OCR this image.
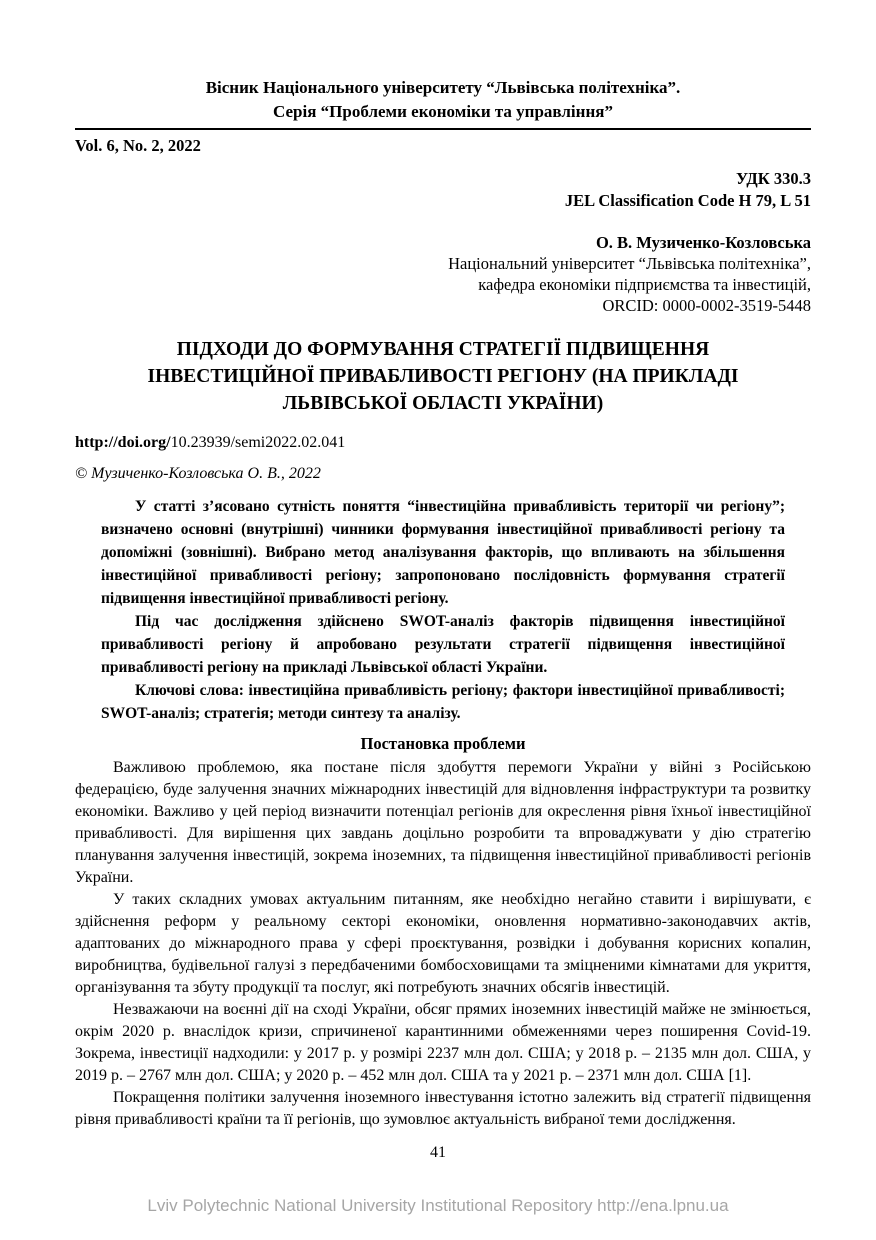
Вісник Національного університету “Львівська політехніка”.
Серія “Проблеми економіки та управління”
Vol. 6, No. 2, 2022
УДК 330.3
JEL Classification Code H 79, L 51
О. В. Музиченко-Козловська
Національний університет “Львівська політехніка”,
кафедра економіки підприємства та інвестицій,
ORCID: 0000-0002-3519-5448
ПІДХОДИ ДО ФОРМУВАННЯ СТРАТЕГІЇ ПІДВИЩЕННЯ
ІНВЕСТИЦІЙНОЇ ПРИВАБЛИВОСТІ РЕГІОНУ (НА ПРИКЛАДІ
ЛЬВІВСЬКОЇ ОБЛАСТІ УКРАЇНИ)
http://doi.org/10.23939/semi2022.02.041
© Музиченко-Козловська О. В., 2022

У статті з’ясовано сутність поняття “інвестиційна привабливість території чи регіону”; визначено основні (внутрішні) чинники формування інвестиційної привабливості регіону та допоміжні (зовнішні). Вибрано метод аналізування факторів, що впливають на збільшення інвестиційної привабливості регіону; запропоновано послідовність формування стратегії підвищення інвестиційної привабливості регіону.

Під час дослідження здійснено SWOT-аналіз факторів підвищення інвестиційної привабливості регіону й апробовано результати стратегії підвищення інвестиційної привабливості регіону на прикладі Львівської області України.

Ключові слова: інвестиційна привабливість регіону; фактори інвестиційної привабливості; SWOT-аналіз; стратегія; методи синтезу та аналізу.

Постановка проблеми

Важливою проблемою, яка постане після здобуття перемоги України у війні з Російською федерацією, буде залучення значних міжнародних інвестицій для відновлення інфраструктури та розвитку економіки. Важливо у цей період визначити потенціал регіонів для окреслення рівня їхньої інвестиційної привабливості. Для вирішення цих завдань доцільно розробити та впроваджувати у дію стратегію планування залучення інвестицій, зокрема іноземних, та підвищення інвестиційної привабливості регіонів України.

У таких складних умовах актуальним питанням, яке необхідно негайно ставити і вирішувати, є здійснення реформ у реальному секторі економіки, оновлення нормативно-законодавчих актів, адаптованих до міжнародного права у сфері проєктування, розвідки і добування корисних копалин, виробництва, будівельної галузі з передбаченими бомбосховищами та зміцненими кімнатами для укриття, організування та збуту продукції та послуг, які потребують значних обсягів інвестицій.

Незважаючи на воєнні дії на сході України, обсяг прямих іноземних інвестицій майже не змінюється, окрім 2020 р. внаслідок кризи, спричиненої карантинними обмеженнями через поширення Covid-19. Зокрема, інвестиції надходили: у 2017 р. у розмірі 2237 млн дол. США; у 2018 р. – 2135 млн дол. США, у 2019 р. – 2767 млн дол. США; у 2020 р. – 452 млн дол. США та у 2021 р. – 2371 млн дол. США [1].

Покращення політики залучення іноземного інвестування істотно залежить від стратегії підвищення рівня привабливості країни та її регіонів, що зумовлює актуальність вибраної теми дослідження.

41
Lviv Polytechnic National University Institutional Repository http://ena.lpnu.ua
